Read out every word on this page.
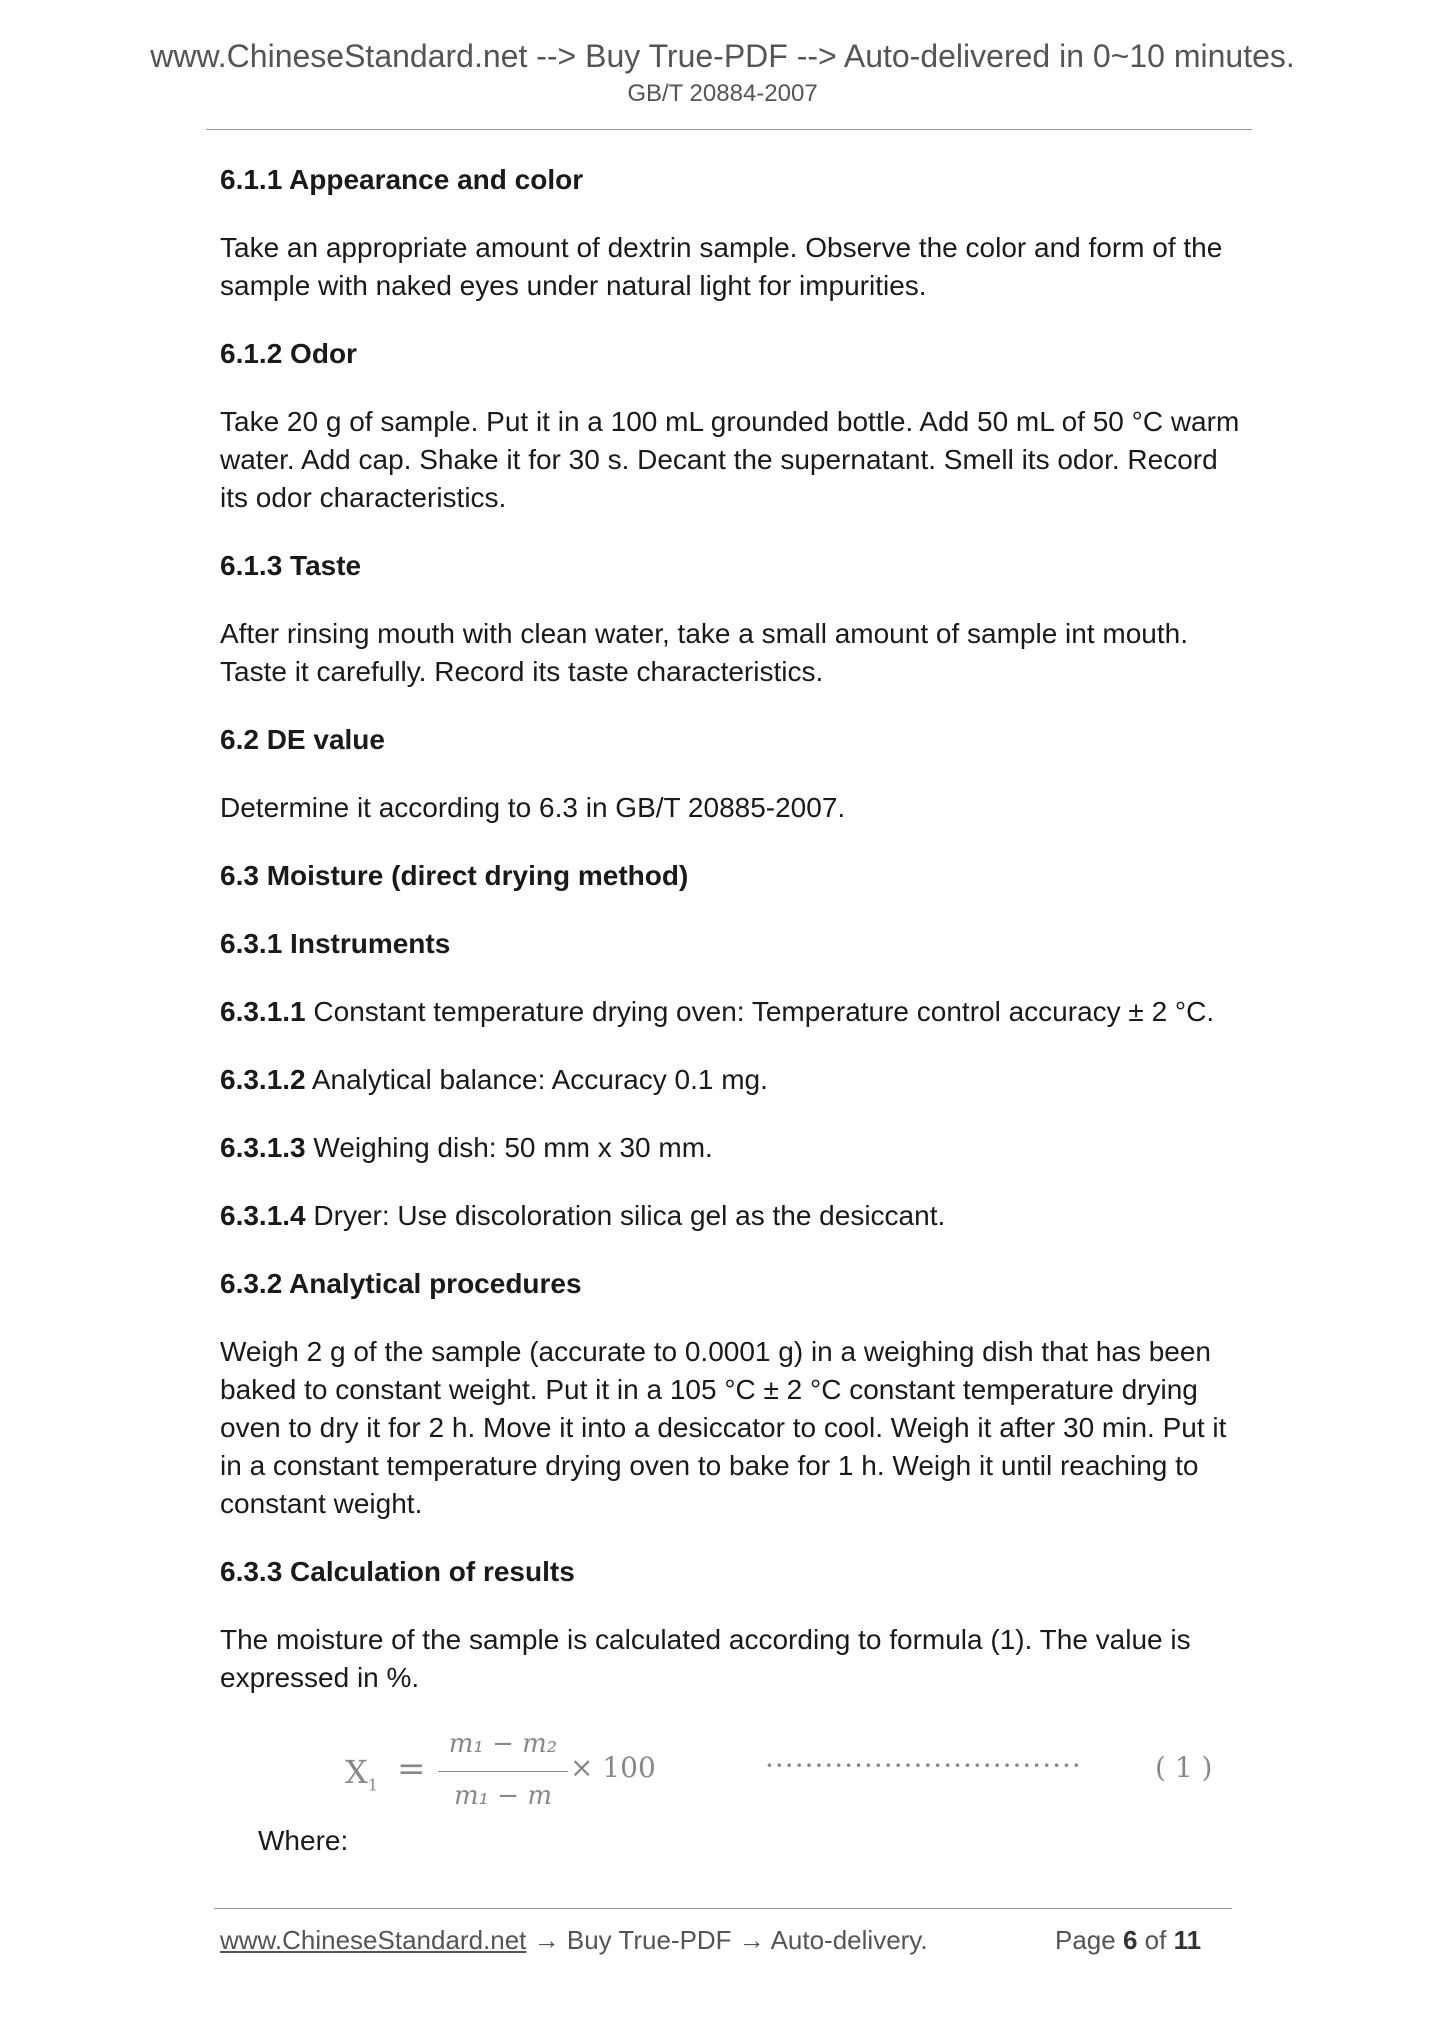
www.ChineseStandard.net --> Buy True-PDF --> Auto-delivered in 0~10 minutes.
GB/T 20884-2007
6.1.1 Appearance and color
Take an appropriate amount of dextrin sample. Observe the color and form of the sample with naked eyes under natural light for impurities.
6.1.2 Odor
Take 20 g of sample. Put it in a 100 mL grounded bottle. Add 50 mL of 50 °C warm water. Add cap. Shake it for 30 s. Decant the supernatant. Smell its odor. Record its odor characteristics.
6.1.3 Taste
After rinsing mouth with clean water, take a small amount of sample int mouth. Taste it carefully. Record its taste characteristics.
6.2 DE value
Determine it according to 6.3 in GB/T 20885-2007.
6.3 Moisture (direct drying method)
6.3.1 Instruments
6.3.1.1 Constant temperature drying oven: Temperature control accuracy ± 2 °C.
6.3.1.2 Analytical balance: Accuracy 0.1 mg.
6.3.1.3 Weighing dish: 50 mm x 30 mm.
6.3.1.4 Dryer: Use discoloration silica gel as the desiccant.
6.3.2 Analytical procedures
Weigh 2 g of the sample (accurate to 0.0001 g) in a weighing dish that has been baked to constant weight. Put it in a 105 °C ± 2 °C constant temperature drying oven to dry it for 2 h. Move it into a desiccator to cool. Weigh it after 30 min. Put it in a constant temperature drying oven to bake for 1 h. Weigh it until reaching to constant weight.
6.3.3 Calculation of results
The moisture of the sample is calculated according to formula (1). The value is expressed in %.
$X_1$ =
m₁ − m₂
m₁ − m
× 100	································	( 1 )
Where:
www.ChineseStandard.net → Buy True-PDF → Auto-delivery.	Page 6 of 11
